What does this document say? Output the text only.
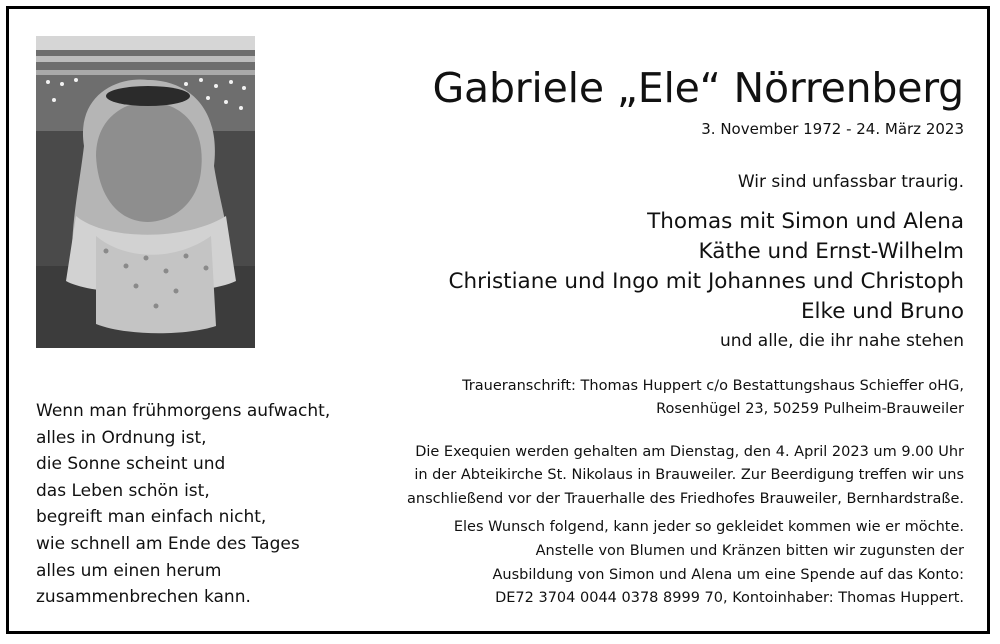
Gabriele „Ele“ Nörrenberg
3. November 1972 - 24. März 2023
Wir sind unfassbar traurig.
Thomas mit Simon und Alena
Käthe und Ernst-Wilhelm
Christiane und Ingo mit Johannes und Christoph
Elke und Bruno
und alle, die ihr nahe stehen
Traueranschrift: Thomas Huppert c/o Bestattungshaus Schieffer oHG,
Rosenhügel 23, 50259 Pulheim-Brauweiler
Die Exequien werden gehalten am Dienstag, den 4. April 2023 um 9.00 Uhr
in der Abteikirche St. Nikolaus in Brauweiler. Zur Beerdigung treffen wir uns
anschließend vor der Trauerhalle des Friedhofes Brauweiler, Bernhardstraße.
Eles Wunsch folgend, kann jeder so gekleidet kommen wie er möchte.
Anstelle von Blumen und Kränzen bitten wir zugunsten der
Ausbildung von Simon und Alena um eine Spende auf das Konto:
DE72 3704 0044 0378 8999 70, Kontoinhaber: Thomas Huppert.
Wenn man frühmorgens aufwacht,
alles in Ordnung ist,
die Sonne scheint und
das Leben schön ist,
begreift man einfach nicht,
wie schnell am Ende des Tages
alles um einen herum
zusammenbrechen kann.
